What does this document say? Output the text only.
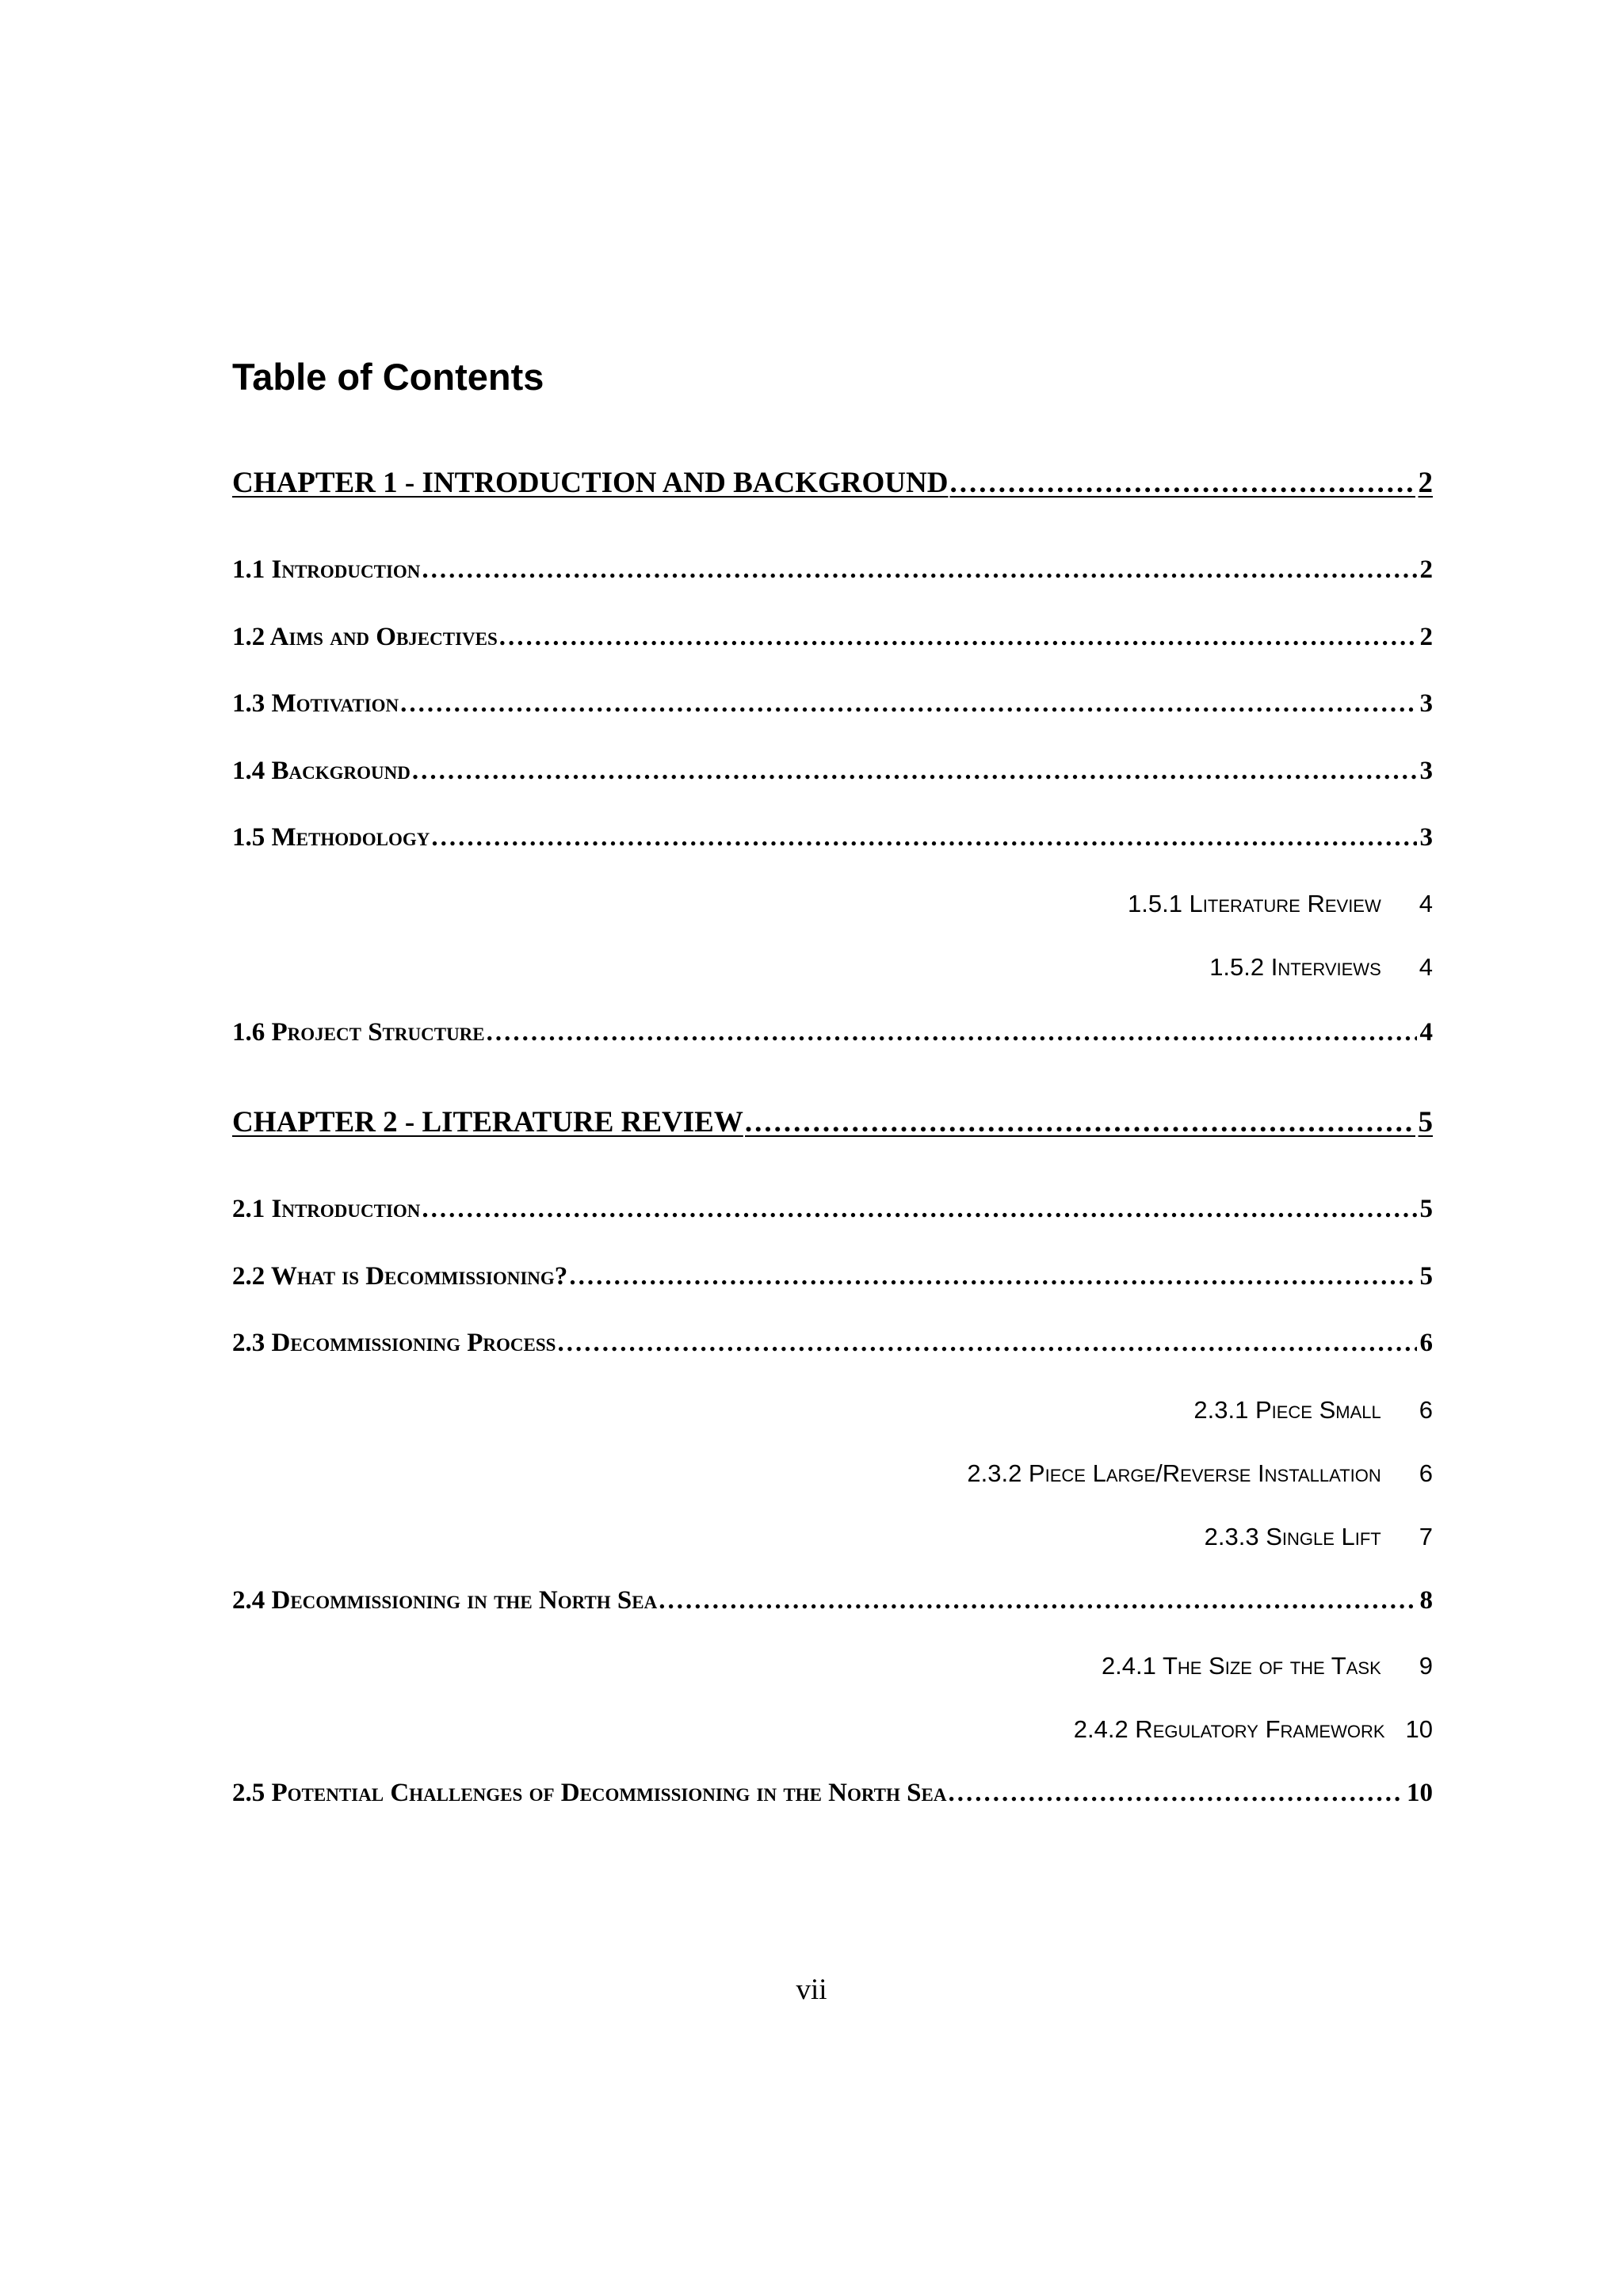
Table of Contents
CHAPTER 1 - INTRODUCTION AND BACKGROUND .....	2
1.1 Introduction .....	2
1.2 Aims and Objectives .....	2
1.3 Motivation .....	3
1.4 Background .....	3
1.5 Methodology .....	3
1.5.1 Literature Review 4
1.5.2 Interviews 4
1.6 Project Structure .....	4
CHAPTER 2 - LITERATURE REVIEW .....	5
2.1 Introduction .....	5
2.2 What is Decommissioning? .....	5
2.3 Decommissioning Process .....	6
2.3.1 Piece Small 6
2.3.2 Piece Large/Reverse Installation 6
2.3.3 Single Lift 7
2.4 Decommissioning in the North Sea .....	8
2.4.1 The Size of the Task 9
2.4.2 Regulatory Framework 10
2.5 Potential Challenges of Decommissioning in the North Sea .....	10
vii
